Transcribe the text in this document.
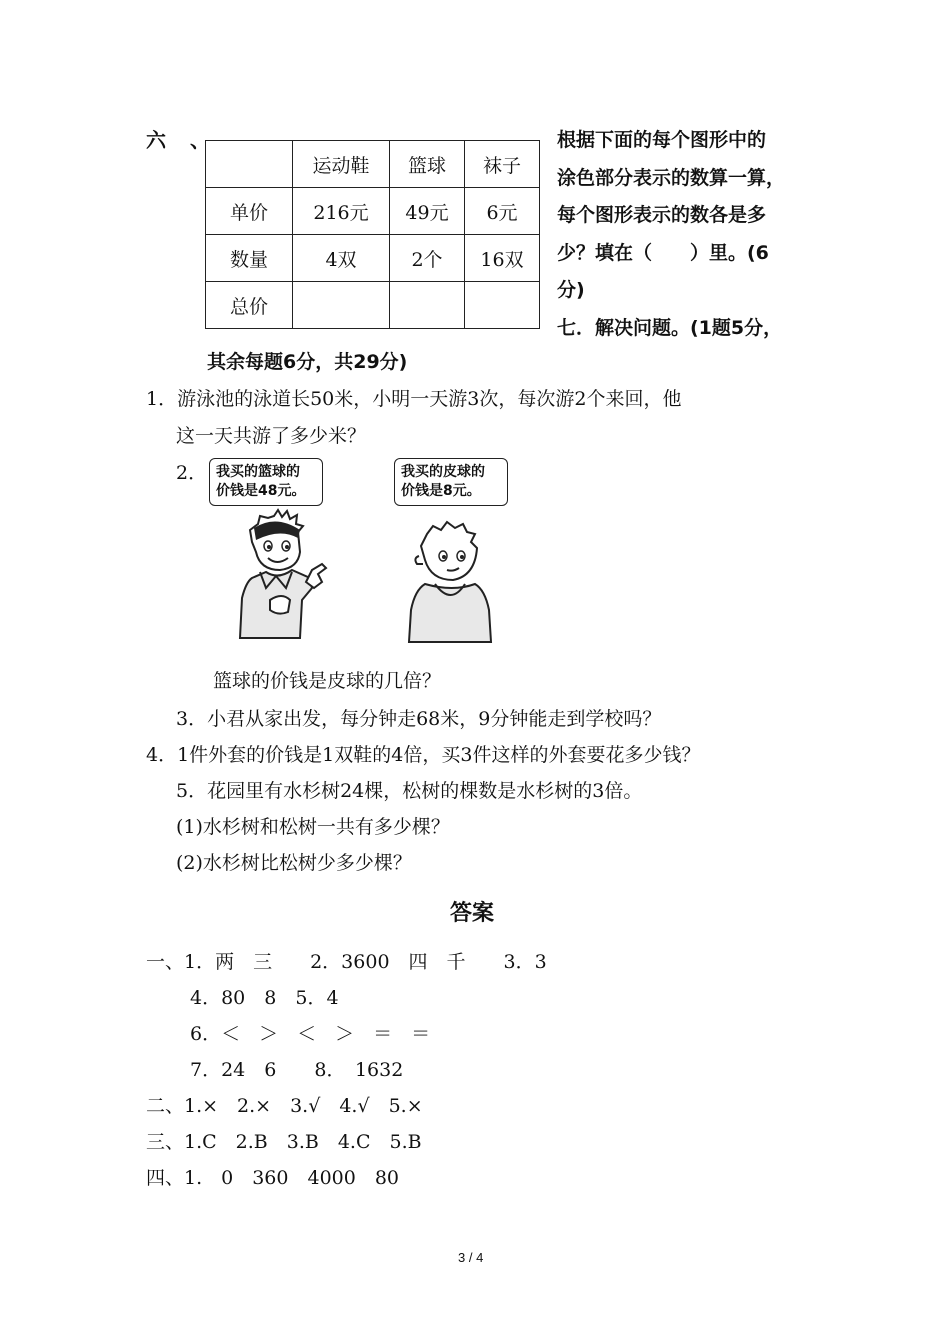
六 、
	运动鞋	篮球	袜子
单价	216元	49元	6元
数量	4双	2个	16双
总价			
根据下面的每个图形中的
涂色部分表示的数算一算，
每个图形表示的数各是多
少？填在（　　）里。(6
分)
七．解决问题。(1题5分，
其余每题6分，共29分)
1．游泳池的泳道长50米，小明一天游3次，每次游2个来回，他
这一天共游了多少米？
2． 我买的篮球的
价钱是48元。
我买的皮球的
价钱是8元。
篮球的价钱是皮球的几倍？
3．小君从家出发，每分钟走68米，9分钟能走到学校吗？
4．1件外套的价钱是1双鞋的4倍，买3件这样的外套要花多少钱？
5．花园里有水杉树24棵，松树的棵数是水杉树的3倍。
(1)水杉树和松树一共有多少棵？
(2)水杉树比松树少多少棵？
答案
一、1．两　三　　2．3600　四　千　　3．3
4．80　8　5．4
6．＜　＞　＜　＞　＝　＝
7．24　6　　8．　1632
二、1.×　2.×　3.√　4.√　5.×
三、1.C　2.B　3.B　4.C　5.B
四、1.　0　360　4000　80
3 / 4
